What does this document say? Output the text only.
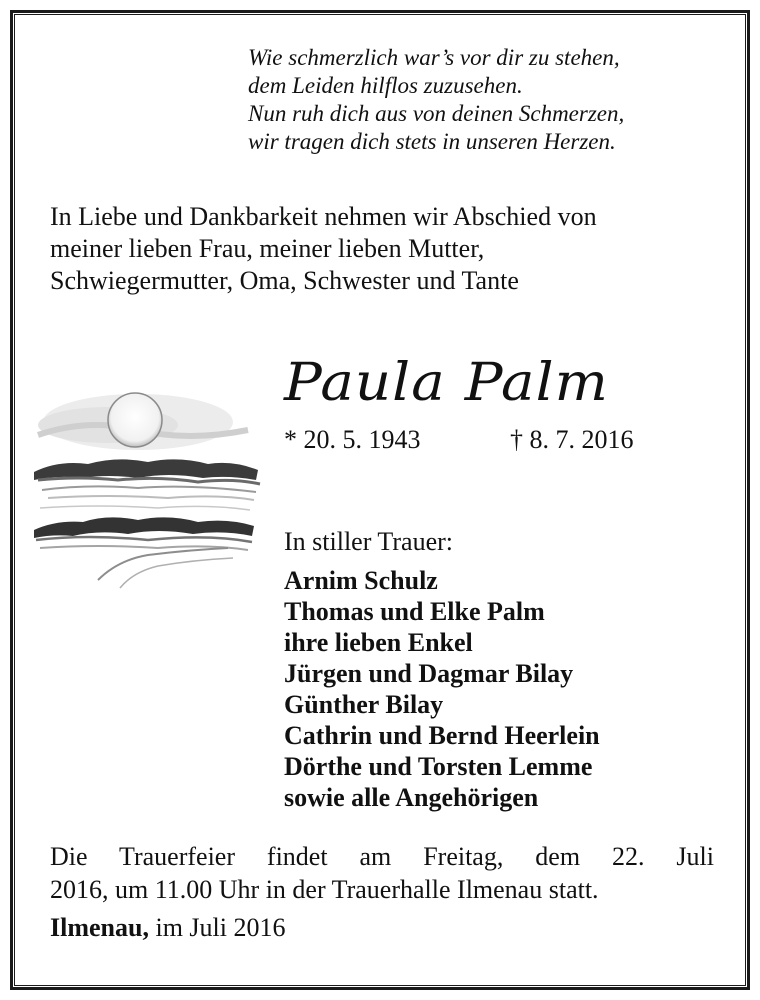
Wie schmerzlich war’s vor dir zu stehen,
dem Leiden hilflos zuzusehen.
Nun ruh dich aus von deinen Schmerzen,
wir tragen dich stets in unseren Herzen.
In Liebe und Dankbarkeit nehmen wir Abschied von
meiner lieben Frau, meiner lieben Mutter,
Schwiegermutter, Oma, Schwester und Tante
Paula Palm
* 20. 5. 1943	† 8. 7. 2016
In stiller Trauer:
Arnim Schulz
Thomas und Elke Palm
ihre lieben Enkel
Jürgen und Dagmar Bilay
Günther Bilay
Cathrin und Bernd Heerlein
Dörthe und Torsten Lemme
sowie alle Angehörigen
Die Trauerfeier findet am Freitag, dem 22. Juli
2016, um 11.00 Uhr in der Trauerhalle Ilmenau statt.
Ilmenau, im Juli 2016
